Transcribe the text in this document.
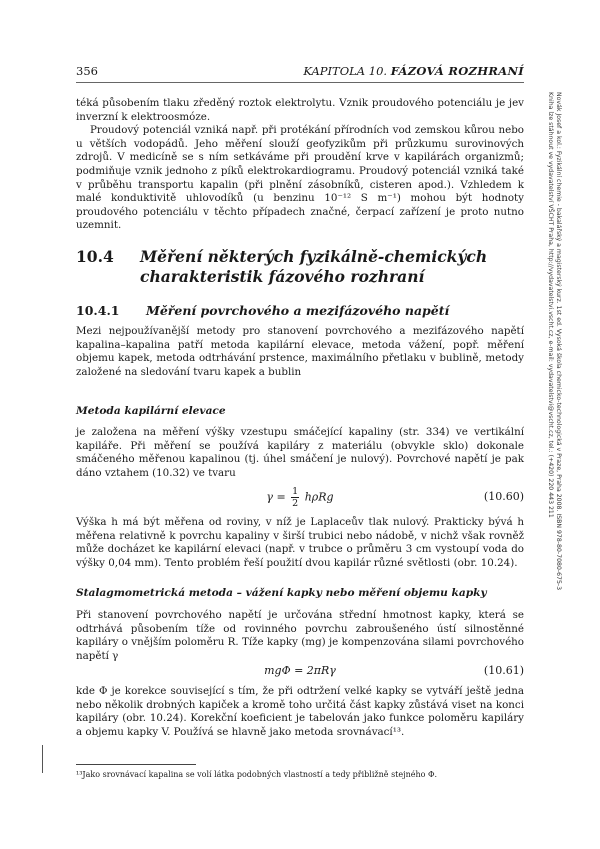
356	KAPITOLA 10. FÁZOVÁ ROZHRANÍ
Novák Josef a kol.: Fyzikální chemie - bakalářský a magisterský kurz. 1st ed. Vysoká škola chemicko-technologická v Praze, Praha 2008. ISBN 978-80-7080-675-3
Kniha lze stáhnout ve vydavatelství VŠCHT Praha, http://vydavatelstvi.vscht.cz, e-mail: vydavatelstvi@vscht.cz, tel.: (+420) 220 443 211

téká působením tlaku zředěný roztok elektrolytu. Vznik proudového potenciálu je jev inverzní k elektroosmóze.

Proudový potenciál vzniká např. při protékání přírodních vod zemskou kůrou nebo u větších vodopádů. Jeho měření slouží geofyzikům při průzkumu surovinových zdrojů. V medicíně se s ním setkáváme při proudění krve v kapilárách organizmů; podmiňuje vznik jednoho z píků elektrokardiogramu. Proudový potenciál vzniká také v průběhu transportu kapalin (při plnění zásobníků, cisteren apod.). Vzhledem k malé konduktivitě uhlovodíků (u benzinu 10⁻¹² S m⁻¹) mohou být hodnoty proudového potenciálu v těchto případech značné, čerpací zařízení je proto nutno uzemnit.

10.4 Měření některých fyzikálně-chemických charakteristik fázového rozhraní
10.4.1 Měření povrchového a mezifázového napětí

Mezi nejpoužívanější metody pro stanovení povrchového a mezifázového napětí kapalina–kapalina patří metoda kapilární elevace, metoda vážení, popř. měření objemu kapek, metoda odtrhávání prstence, maximálního přetlaku v bublině, metody založené na sledování tvaru kapek a bublin

Metoda kapilární elevace

je založena na měření výšky vzestupu smáčející kapaliny (str. 334) ve vertikální kapiláře. Při měření se používá kapiláry z materiálu (obvykle sklo) dokonale smáčeného měřenou kapalinou (tj. úhel smáčení je nulový). Povrchové napětí je pak dáno vztahem (10.32) ve tvaru

$\gamma = \frac{1}{2}$ hρRg	(10.60)

Výška h má být měřena od roviny, v níž je Laplaceův tlak nulový. Prakticky bývá h měřena relativně k povrchu kapaliny v širší trubici nebo nádobě, v nichž však rovněž může docházet ke kapilární elevaci (např. v trubce o průměru 3 cm vystoupí voda do výšky 0,04 mm). Tento problém řeší použití dvou kapilár různé světlosti (obr. 10.24).

Stalagmometrická metoda – vážení kapky nebo měření objemu kapky

Při stanovení povrchového napětí je určována střední hmotnost kapky, která se odtrhává působením tíže od rovinného povrchu zabroušeného ústí silnostěnné kapiláry o vnějším poloměru R. Tíže kapky (mg) je kompenzována silami povrchového napětí γ

mgΦ = 2πRγ	(10.61)

kde Φ je korekce související s tím, že při odtržení velké kapky se vytváří ještě jedna nebo několik drobných kapiček a kromě toho určitá část kapky zůstává viset na konci kapiláry (obr. 10.24). Korekční koeficient je tabelován jako funkce poloměru kapiláry a objemu kapky V. Používá se hlavně jako metoda srovnávací¹³.

¹³Jako srovnávací kapalina se volí látka podobných vlastností a tedy přibližně stejného Φ.
